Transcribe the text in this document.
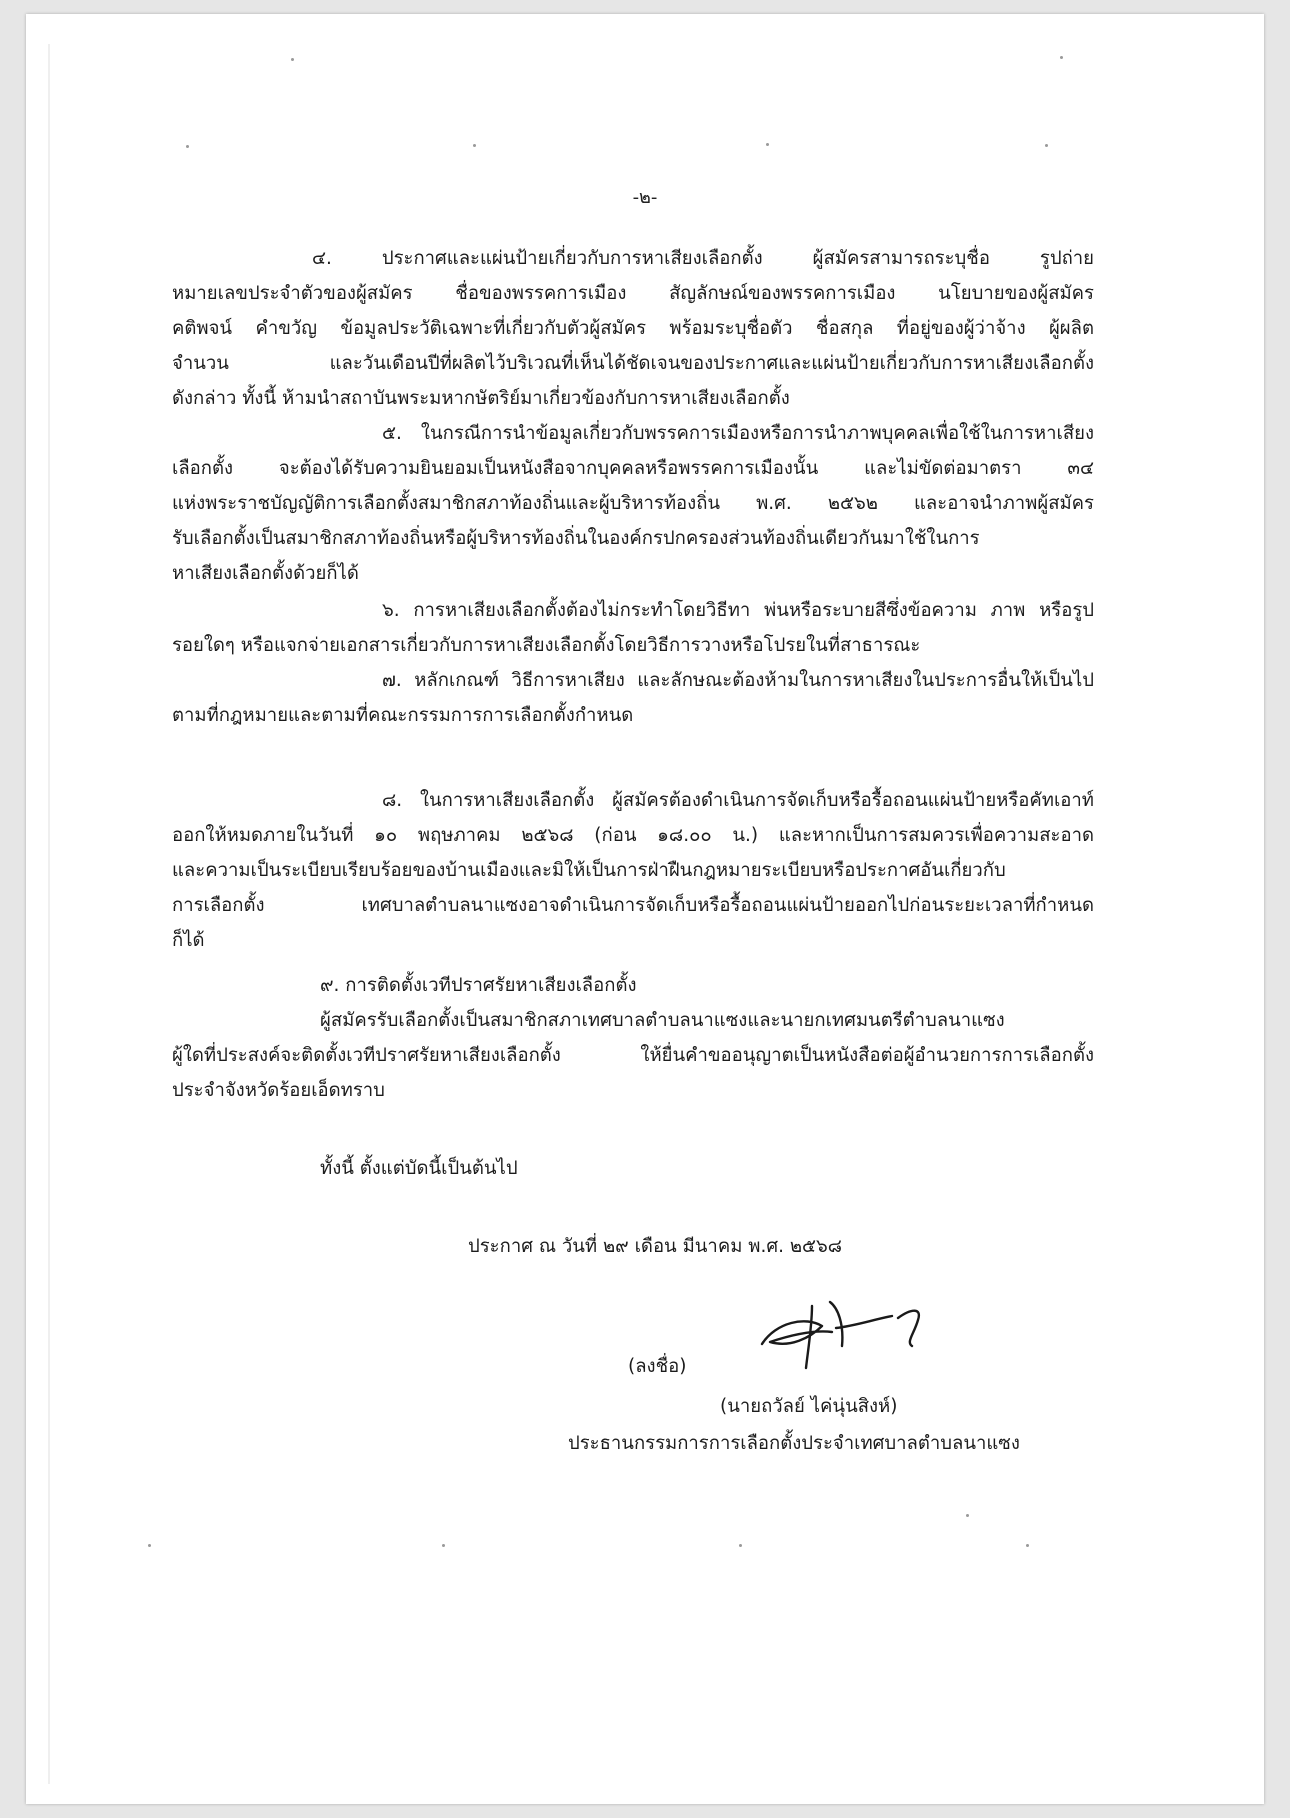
-๒-
๔. ประกาศและแผ่นป้ายเกี่ยวกับการหาเสียงเลือกตั้ง ผู้สมัครสามารถระบุชื่อ รูปถ่าย
หมายเลขประจำตัวของผู้สมัคร ชื่อของพรรคการเมือง สัญลักษณ์ของพรรคการเมือง นโยบายของผู้สมัคร
คติพจน์ คำขวัญ ข้อมูลประวัติเฉพาะที่เกี่ยวกับตัวผู้สมัคร พร้อมระบุชื่อตัว ชื่อสกุล ที่อยู่ของผู้ว่าจ้าง ผู้ผลิต
จำนวน และวันเดือนปีที่ผลิตไว้บริเวณที่เห็นได้ชัดเจนของประกาศและแผ่นป้ายเกี่ยวกับการหาเสียงเลือกตั้ง
ดังกล่าว ทั้งนี้ ห้ามนำสถาบันพระมหากษัตริย์มาเกี่ยวข้องกับการหาเสียงเลือกตั้ง
๕. ในกรณีการนำข้อมูลเกี่ยวกับพรรคการเมืองหรือการนำภาพบุคคลเพื่อใช้ในการหาเสียง
เลือกตั้ง จะต้องได้รับความยินยอมเป็นหนังสือจากบุคคลหรือพรรคการเมืองนั้น และไม่ขัดต่อมาตรา ๓๔
แห่งพระราชบัญญัติการเลือกตั้งสมาชิกสภาท้องถิ่นและผู้บริหารท้องถิ่น พ.ศ. ๒๕๖๒ และอาจนำภาพผู้สมัคร
รับเลือกตั้งเป็นสมาชิกสภาท้องถิ่นหรือผู้บริหารท้องถิ่นในองค์กรปกครองส่วนท้องถิ่นเดียวกันมาใช้ในการ
หาเสียงเลือกตั้งด้วยก็ได้
๖. การหาเสียงเลือกตั้งต้องไม่กระทำโดยวิธีทา พ่นหรือระบายสีซึ่งข้อความ ภาพ หรือรูป
รอยใดๆ หรือแจกจ่ายเอกสารเกี่ยวกับการหาเสียงเลือกตั้งโดยวิธีการวางหรือโปรยในที่สาธารณะ
๗. หลักเกณฑ์ วิธีการหาเสียง และลักษณะต้องห้ามในการหาเสียงในประการอื่นให้เป็นไป
ตามที่กฎหมายและตามที่คณะกรรมการการเลือกตั้งกำหนด
๘. ในการหาเสียงเลือกตั้ง ผู้สมัครต้องดำเนินการจัดเก็บหรือรื้อถอนแผ่นป้ายหรือคัทเอาท์
ออกให้หมดภายในวันที่ ๑๐ พฤษภาคม ๒๕๖๘ (ก่อน ๑๘.๐๐ น.) และหากเป็นการสมควรเพื่อความสะอาด
และความเป็นระเบียบเรียบร้อยของบ้านเมืองและมิให้เป็นการฝ่าฝืนกฎหมายระเบียบหรือประกาศอันเกี่ยวกับ
การเลือกตั้ง เทศบาลตำบลนาแซงอาจดำเนินการจัดเก็บหรือรื้อถอนแผ่นป้ายออกไปก่อนระยะเวลาที่กำหนด
ก็ได้
๙. การติดตั้งเวทีปราศรัยหาเสียงเลือกตั้ง
ผู้สมัครรับเลือกตั้งเป็นสมาชิกสภาเทศบาลตำบลนาแซงและนายกเทศมนตรีตำบลนาแซง
ผู้ใดที่ประสงค์จะติดตั้งเวทีปราศรัยหาเสียงเลือกตั้ง ให้ยื่นคำขออนุญาตเป็นหนังสือต่อผู้อำนวยการการเลือกตั้ง
ประจำจังหวัดร้อยเอ็ดทราบ
ทั้งนี้ ตั้งแต่บัดนี้เป็นต้นไป
ประกาศ ณ วันที่ ๒๙ เดือน มีนาคม พ.ศ. ๒๕๖๘
(ลงชื่อ)
(นายถวัลย์ ไค่นุ่นสิงห์)
ประธานกรรมการการเลือกตั้งประจำเทศบาลตำบลนาแซง
